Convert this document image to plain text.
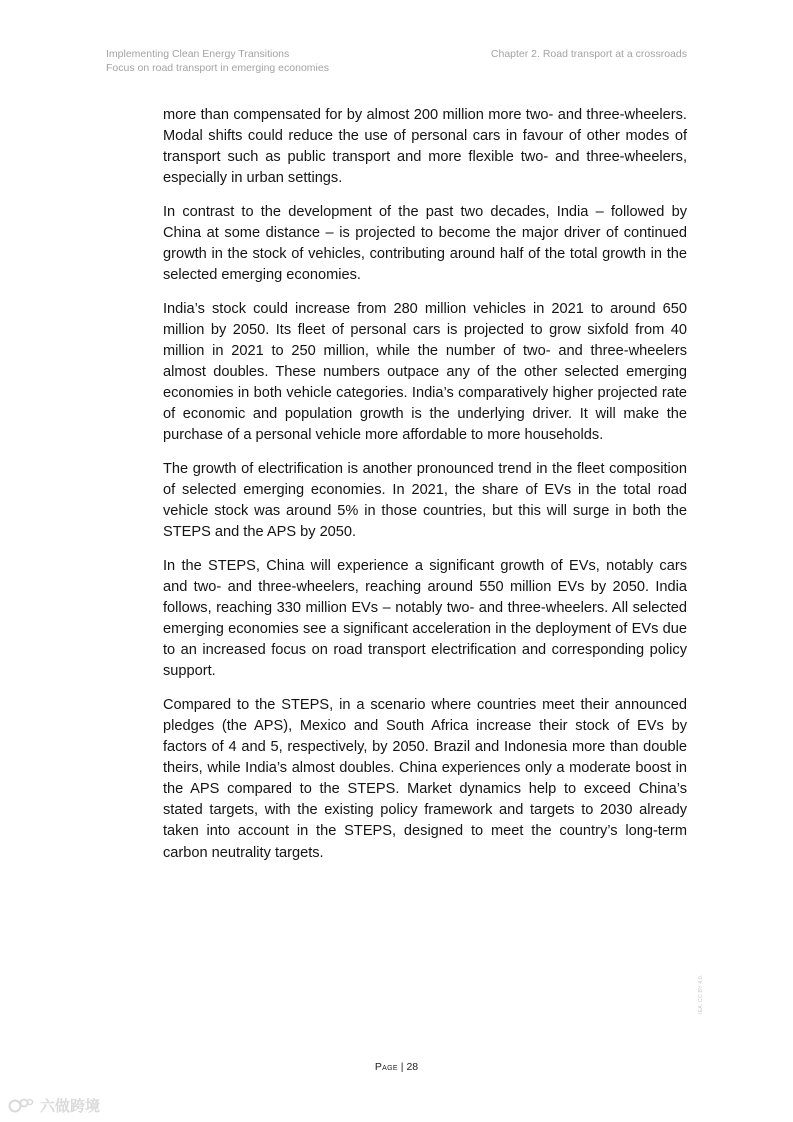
Implementing Clean Energy Transitions
Focus on road transport in emerging economies
Chapter 2. Road transport at a crossroads

more than compensated for by almost 200 million more two- and three-wheelers. Modal shifts could reduce the use of personal cars in favour of other modes of transport such as public transport and more flexible two- and three-wheelers, especially in urban settings.

In contrast to the development of the past two decades, India – followed by China at some distance – is projected to become the major driver of continued growth in the stock of vehicles, contributing around half of the total growth in the selected emerging economies.

India’s stock could increase from 280 million vehicles in 2021 to around 650 million by 2050. Its fleet of personal cars is projected to grow sixfold from 40 million in 2021 to 250 million, while the number of two- and three-wheelers almost doubles. These numbers outpace any of the other selected emerging economies in both vehicle categories. India’s comparatively higher projected rate of economic and population growth is the underlying driver. It will make the purchase of a personal vehicle more affordable to more households.

The growth of electrification is another pronounced trend in the fleet composition of selected emerging economies. In 2021, the share of EVs in the total road vehicle stock was around 5% in those countries, but this will surge in both the STEPS and the APS by 2050.

In the STEPS, China will experience a significant growth of EVs, notably cars and two- and three-wheelers, reaching around 550 million EVs by 2050. India follows, reaching 330 million EVs – notably two- and three-wheelers. All selected emerging economies see a significant acceleration in the deployment of EVs due to an increased focus on road transport electrification and corresponding policy support.

Compared to the STEPS, in a scenario where countries meet their announced pledges (the APS), Mexico and South Africa increase their stock of EVs by factors of 4 and 5, respectively, by 2050. Brazil and Indonesia more than double theirs, while India’s almost doubles. China experiences only a moderate boost in the APS compared to the STEPS. Market dynamics help to exceed China’s stated targets, with the existing policy framework and targets to 2030 already taken into account in the STEPS, designed to meet the country’s long-term carbon neutrality targets.

Page | 28
IEA. CC BY 4.0.
六做跨境
